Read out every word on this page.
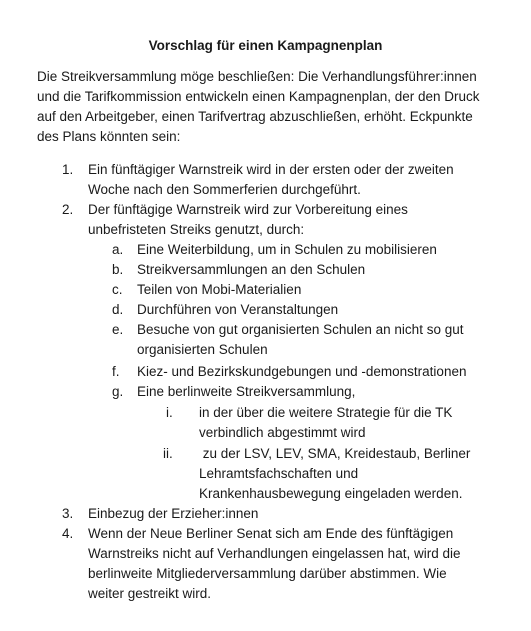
Vorschlag für einen Kampagnenplan
Die Streikversammlung möge beschließen: Die Verhandlungsführer:innen
und die Tarifkommission entwickeln einen Kampagnenplan, der den Druck
auf den Arbeitgeber, einen Tarifvertrag abzuschließen, erhöht. Eckpunkte
des Plans könnten sein:
1. Ein fünftägiger Warnstreik wird in der ersten oder der zweiten
Woche nach den Sommerferien durchgeführt.
2. Der fünftägige Warnstreik wird zur Vorbereitung eines
unbefristeten Streiks genutzt, durch:
a. Eine Weiterbildung, um in Schulen zu mobilisieren
b. Streikversammlungen an den Schulen
c. Teilen von Mobi-Materialien
d. Durchführen von Veranstaltungen
e. Besuche von gut organisierten Schulen an nicht so gut
organisierten Schulen
f. Kiez- und Bezirkskundgebungen und -demonstrationen
g. Eine berlinweite Streikversammlung,
i. in der über die weitere Strategie für die TK
verbindlich abgestimmt wird
ii. zu der LSV, LEV, SMA, Kreidestaub, Berliner
Lehramtsfachschaften und
Krankenhausbewegung eingeladen werden.
3. Einbezug der Erzieher:innen
4. Wenn der Neue Berliner Senat sich am Ende des fünftägigen
Warnstreiks nicht auf Verhandlungen eingelassen hat, wird die
berlinweite Mitgliederversammlung darüber abstimmen. Wie
weiter gestreikt wird.
